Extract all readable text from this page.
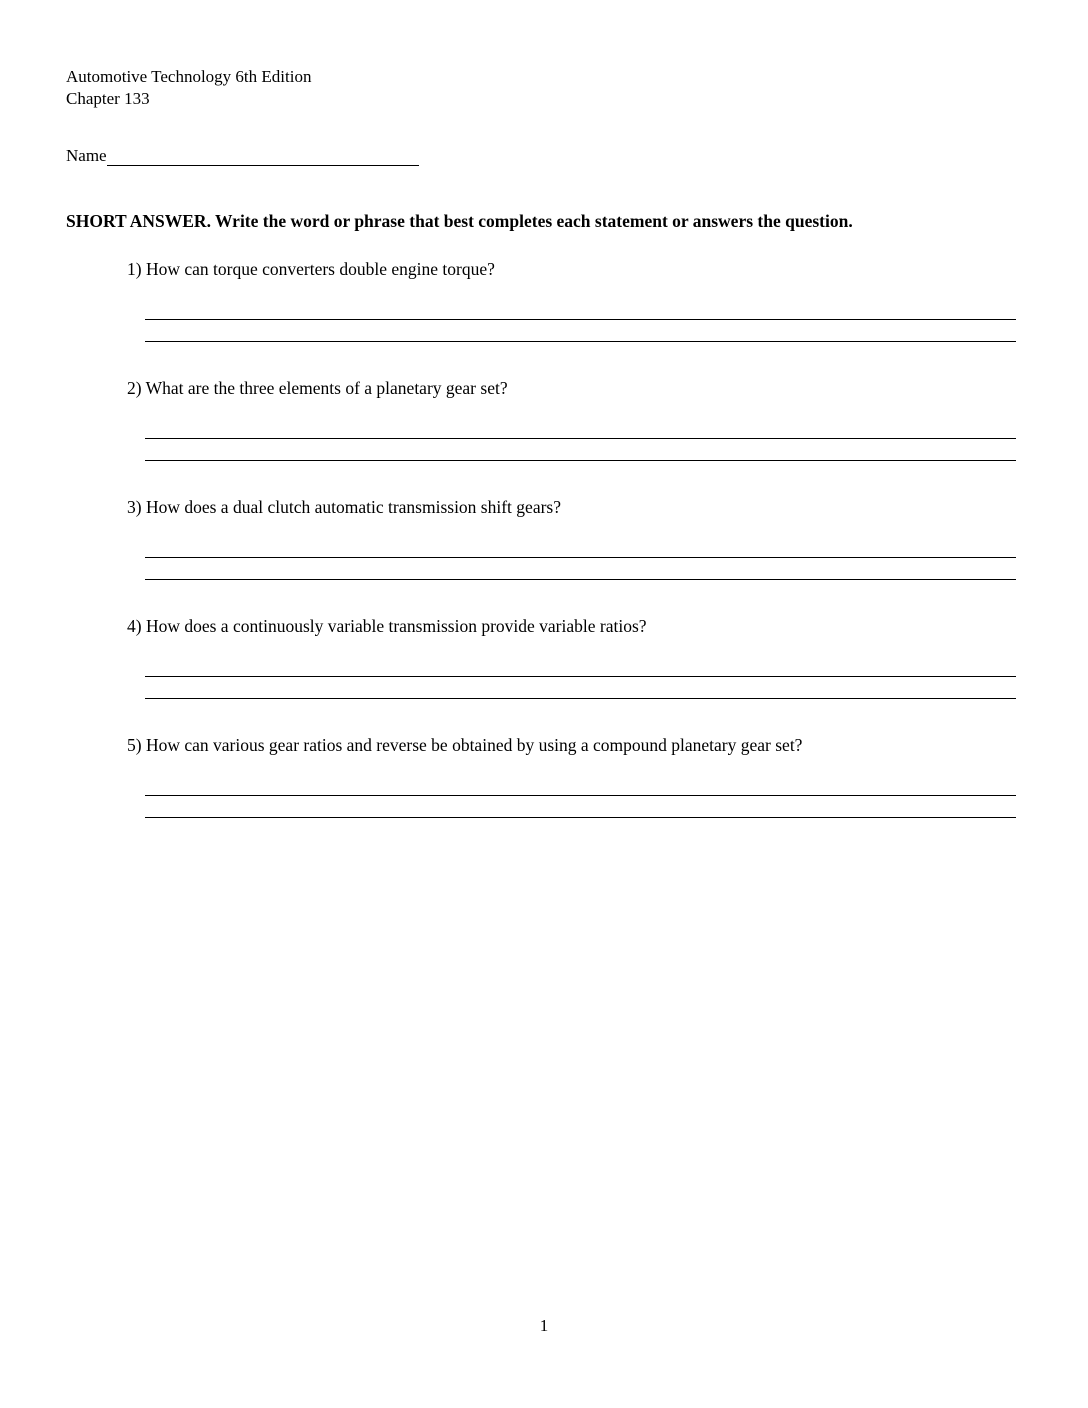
Automotive Technology 6th Edition
Chapter 133
Name
SHORT ANSWER. Write the word or phrase that best completes each statement or answers the question.
1) How can torque converters double engine torque?
2) What are the three elements of a planetary gear set?
3) How does a dual clutch automatic transmission shift gears?
4) How does a continuously variable transmission provide variable ratios?
5) How can various gear ratios and reverse be obtained by using a compound planetary gear set?
1
